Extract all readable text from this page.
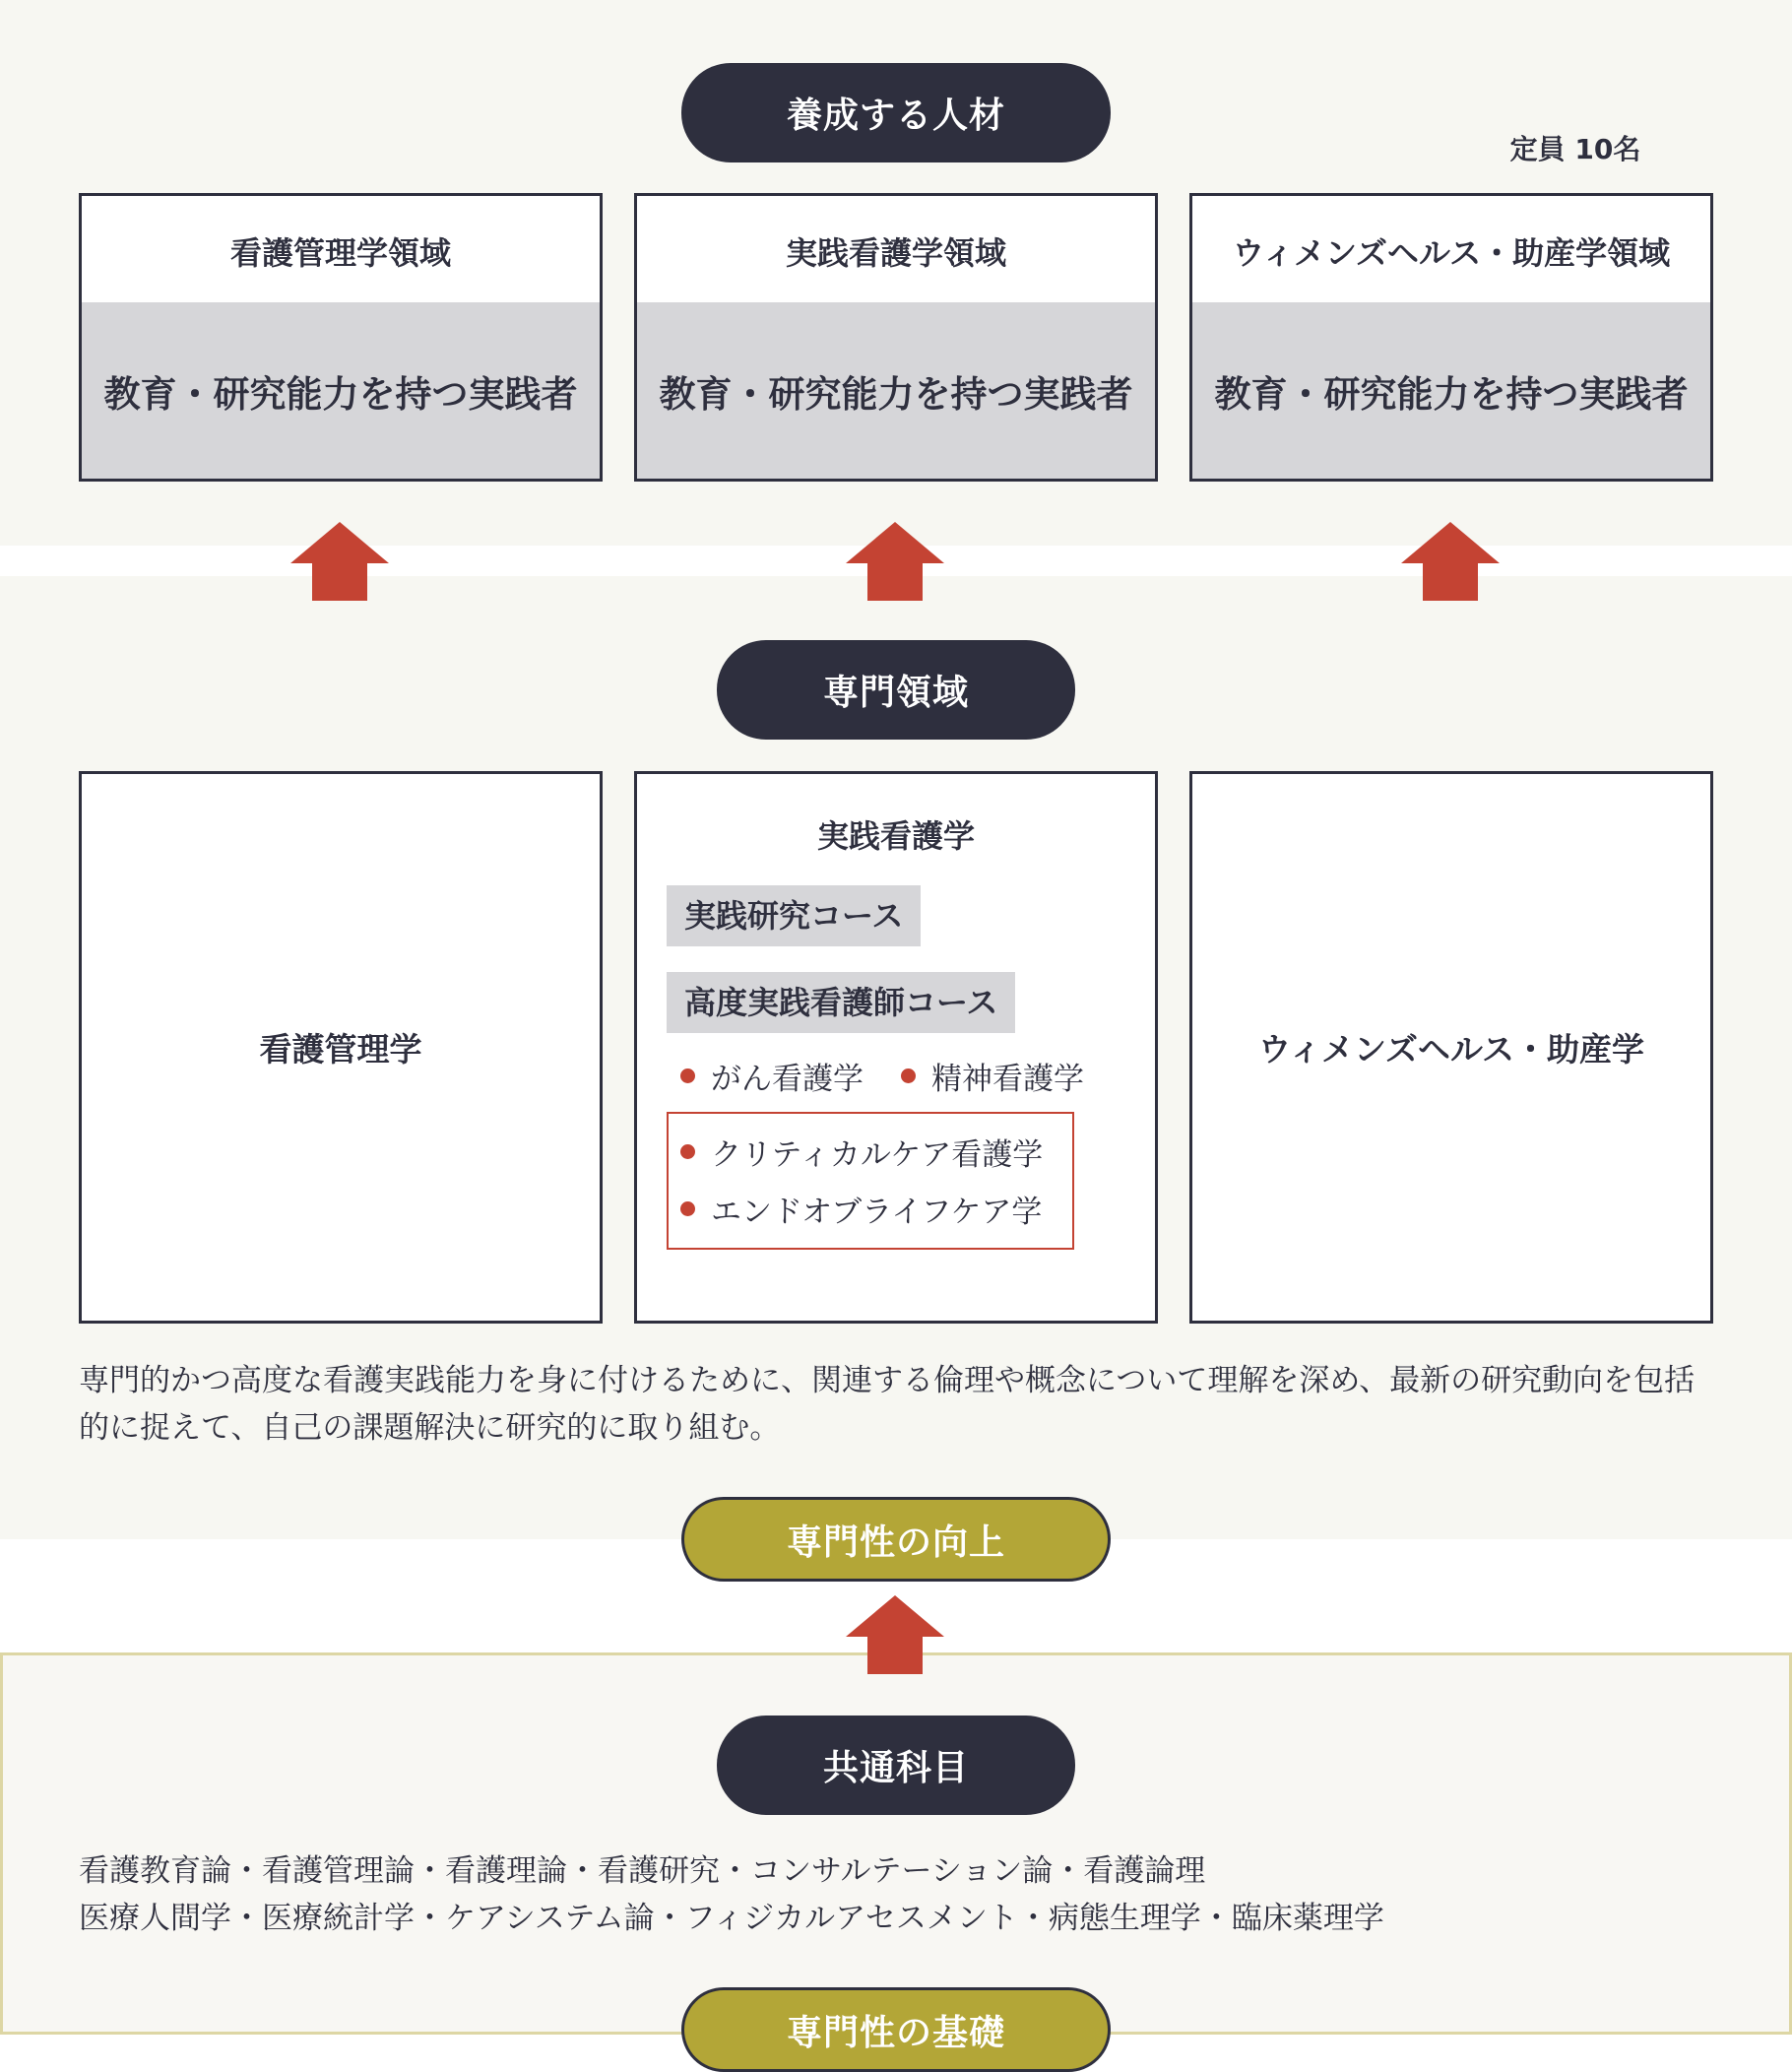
養成する人材
定員 10名
看護管理学領域
教育・研究能力を持つ実践者
実践看護学領域
教育・研究能力を持つ実践者
ウィメンズヘルス・助産学領域
教育・研究能力を持つ実践者
専門領域
看護管理学
実践看護学
実践研究コース
高度実践看護師コース
がん看護学 精神看護学
クリティカルケア看護学
エンドオブライフケア学
ウィメンズヘルス・助産学
専門的かつ高度な看護実践能力を身に付けるために、関連する倫理や概念について理解を深め、最新の研究動向を包括的に捉えて、自己の課題解決に研究的に取り組む。
専門性の向上
共通科目
看護教育論・看護管理論・看護理論・看護研究・コンサルテーション論・看護論理
医療人間学・医療統計学・ケアシステム論・フィジカルアセスメント・病態生理学・臨床薬理学
専門性の基礎
